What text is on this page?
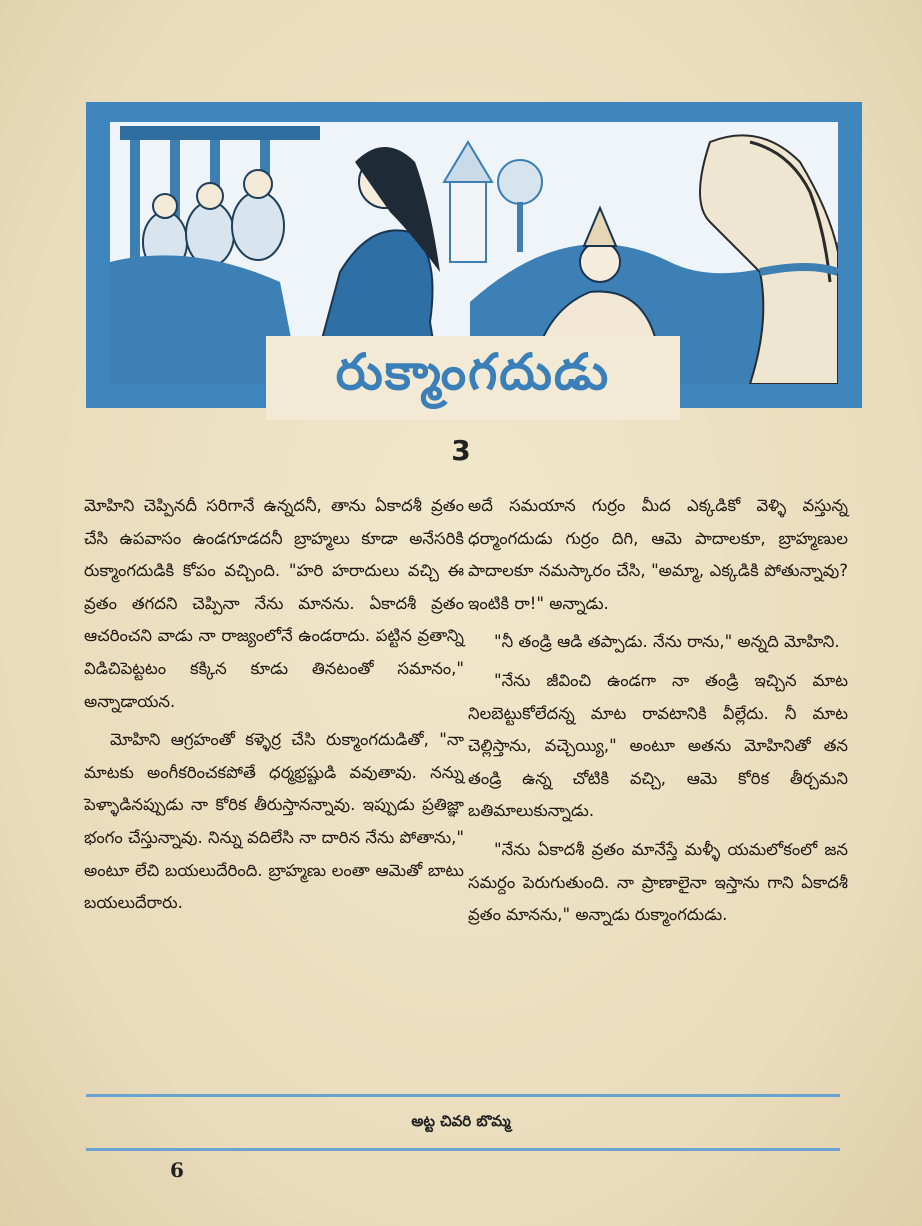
రుక్మాంగదుడు
3

మోహిని చెప్పినదీ సరిగానే ఉన్నదనీ, తాను ఏకాదశీ వ్రతం చేసి ఉపవాసం ఉండగూడదనీ బ్రాహ్మలు కూడా అనేసరికి రుక్మాంగదుడికి కోపం వచ్చింది. "హరి హరాదులు వచ్చి ఈ వ్రతం తగదని చెప్పినా నేను మానను. ఏకాదశీ వ్రతం ఆచరించని వాడు నా రాజ్యంలోనే ఉండరాదు. పట్టిన వ్రతాన్ని విడిచిపెట్టటం కక్కిన కూడు తినటంతో సమానం," అన్నాడాయన.

మోహిని ఆగ్రహంతో కళ్ళెర్ర చేసి రుక్మాంగదుడితో, "నా మాటకు అంగీకరించకపోతే ధర్మభ్రష్టుడి వవుతావు. నన్ను పెళ్ళాడినప్పుడు నా కోరిక తీరుస్తానన్నావు. ఇప్పుడు ప్రతిజ్ఞా భంగం చేస్తున్నావు. నిన్ను వదిలేసి నా దారిన నేను పోతాను," అంటూ లేచి బయలుదేరింది. బ్రాహ్మణు లంతా ఆమెతో బాటు బయలుదేరారు.

అదే సమయాన గుర్రం మీద ఎక్కడికో వెళ్ళి వస్తున్న ధర్మాంగదుడు గుర్రం దిగి, ఆమె పాదాలకూ, బ్రాహ్మణుల పాదాలకూ నమస్కారం చేసి, "అమ్మా, ఎక్కడికి పోతున్నావు? ఇంటికి రా!" అన్నాడు.

"నీ తండ్రి ఆడి తప్పాడు. నేను రాను," అన్నది మోహిని.

"నేను జీవించి ఉండగా నా తండ్రి ఇచ్చిన మాట నిలబెట్టుకోలేదన్న మాట రావటానికి వీల్లేదు. నీ మాట చెల్లిస్తాను, వచ్చెయ్యి," అంటూ అతను మోహినితో తన తండ్రి ఉన్న చోటికి వచ్చి, ఆమె కోరిక తీర్చమని బతిమాలుకున్నాడు.

"నేను ఏకాదశీ వ్రతం మానేస్తే మళ్ళీ యమలోకంలో జన సమర్దం పెరుగుతుంది. నా ప్రాణాలైనా ఇస్తాను గాని ఏకాదశీ వ్రతం మానను," అన్నాడు రుక్మాంగదుడు.

అట్ట చివరి బొమ్మ
6
